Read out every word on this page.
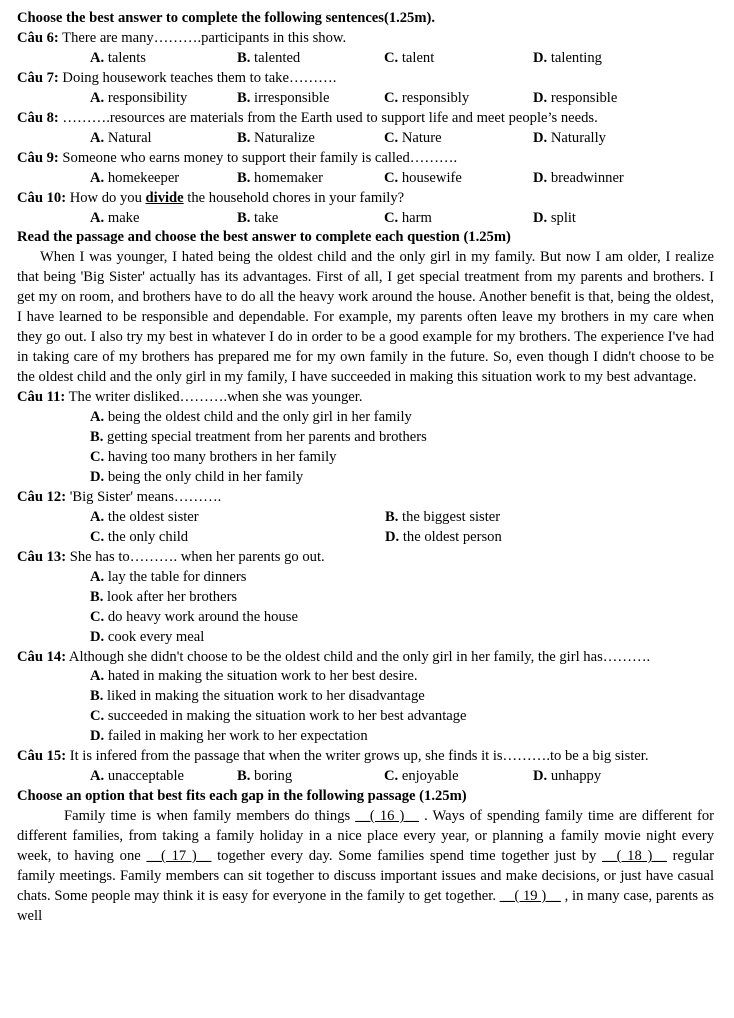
Choose the best answer to complete the following sentences(1.25m).
Câu 6: There are many……….participants in this show.
A. talents	B. talented	C. talent	D. talenting
Câu 7: Doing housework teaches them to take……….
A. responsibility	B. irresponsible	C. responsibly	D. responsible
Câu 8: ……….resources are materials from the Earth used to support life and meet people’s needs.
A. Natural	B. Naturalize	C. Nature	D. Naturally
Câu 9: Someone who earns money to support their family is called……….
A. homekeeper	B. homemaker	C. housewife	D. breadwinner
Câu 10: How do you divide the household chores in your family?
A. make	B. take	C. harm	D. split
Read the passage and choose the best answer to complete each question (1.25m)
When I was younger, I hated being the oldest child and the only girl in my family. But now I am older, I realize that being 'Big Sister' actually has its advantages. First of all, I get special treatment from my parents and brothers. I get my on room, and brothers have to do all the heavy work around the house. Another benefit is that, being the oldest, I have learned to be responsible and dependable. For example, my parents often leave my brothers in my care when they go out. I also try my best in whatever I do in order to be a good example for my brothers. The experience I've had in taking care of my brothers has prepared me for my own family in the future. So, even though I didn't choose to be the oldest child and the only girl in my family, I have succeeded in making this situation work to my best advantage.
Câu 11: The writer disliked……….when she was younger.
A. being the oldest child and the only girl in her family
B. getting special treatment from her parents and brothers
C. having too many brothers in her family
D. being the only child in her family
Câu 12: 'Big Sister' means……….
A. the oldest sister	B. the biggest sister
C. the only child	D. the oldest person
Câu 13: She has to………. when her parents go out.
A. lay the table for dinners
B. look after her brothers
C. do heavy work around the house
D. cook every meal
Câu 14: Although she didn't choose to be the oldest child and the only girl in her family, the girl has……….
A. hated in making the situation work to her best desire.
B. liked in making the situation work to her disadvantage
C. succeeded in making the situation work to her best advantage
D. failed in making her work to her expectation
Câu 15: It is infered from the passage that when the writer grows up, she finds it is……….to be a big sister.
A. unacceptable	B. boring	C. enjoyable	D. unhappy
Choose an option that best fits each gap in the following passage (1.25m)
Family time is when family members do things __( 16 )__ . Ways of spending family time are different for different families, from taking a family holiday in a nice place every year, or planning a family movie night every week, to having one __( 17 )__ together every day. Some families spend time together just by __( 18 )__ regular family meetings. Family members can sit together to discuss important issues and make decisions, or just have casual chats. Some people may think it is easy for everyone in the family to get together. __( 19 )__ , in many case, parents as well
